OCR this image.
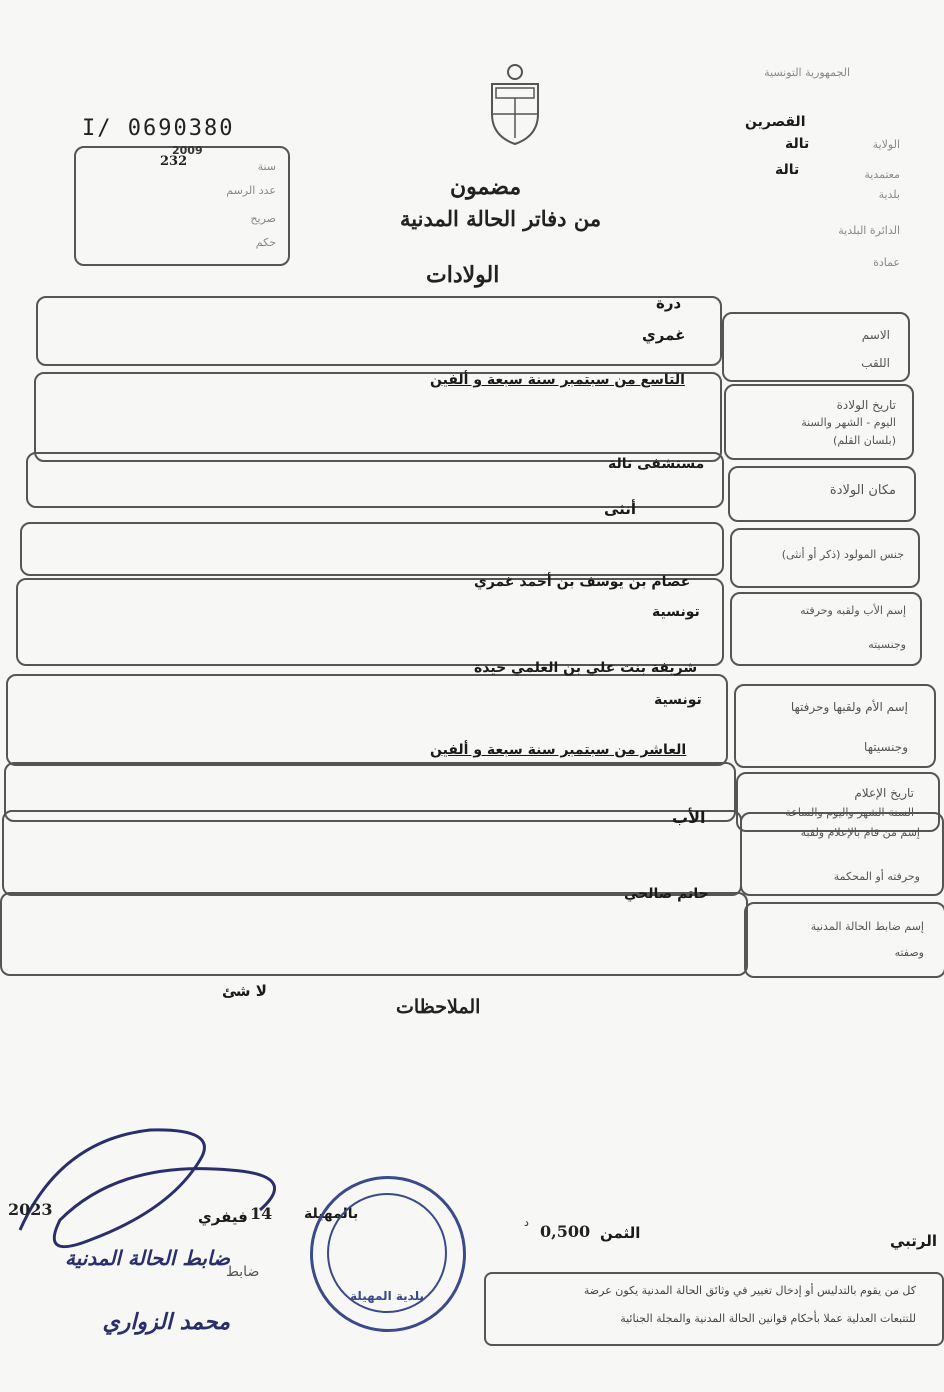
الجمهورية التونسية
الولاية
معتمدية
بلدية
الدائرة البلدية
عمادة
القصرين
تالة
تالة
I/ 0690380
2009
232	سنة
عدد الرسم
صريح
حكم
مضمون
من دفاتر الحالة المدنية
الولادات
الاسم
اللقب
تاريخ الولادة
اليوم - الشهر والسنة
(بلسان القلم)
مكان الولادة
جنس المولود (ذكر أو أنثى)
إسم الأب ولقبه وحرفته
وجنسيته
إسم الأم ولقبها وحرفتها
وجنسيتها
تاريخ الإعلام
السنة-الشهر واليوم والساعة
إسم من قام بالإعلام ولقبه
وحرفته أو المحكمة
إسم ضابط الحالة المدنية
وصفته
درة
غمري
التاسع من سبتمبر سنة سبعة و ألفين
مستشفى تالة
أنثى
عصام بن يوسف بن أحمد غمري
تونسية
شريفة بنت علي بن العلمي حيدة
تونسية
العاشر من سبتمبر سنة سبعة و ألفين
الأب
حاتم صالحي
الملاحظات
لا شئ
2023	فيفري 14 بالمهيلة
ضابط
بلدية المهيلة
ضابط الحالة المدنية
محمد الزواري
الثمن
0,500
د
الرتبي
كل من يقوم بالتدليس أو إدخال تغيير في وثائق الحالة المدنية يكون عرضة
للتتبعات العدلية عملا بأحكام قوانين الحالة المدنية والمجلة الجنائية
